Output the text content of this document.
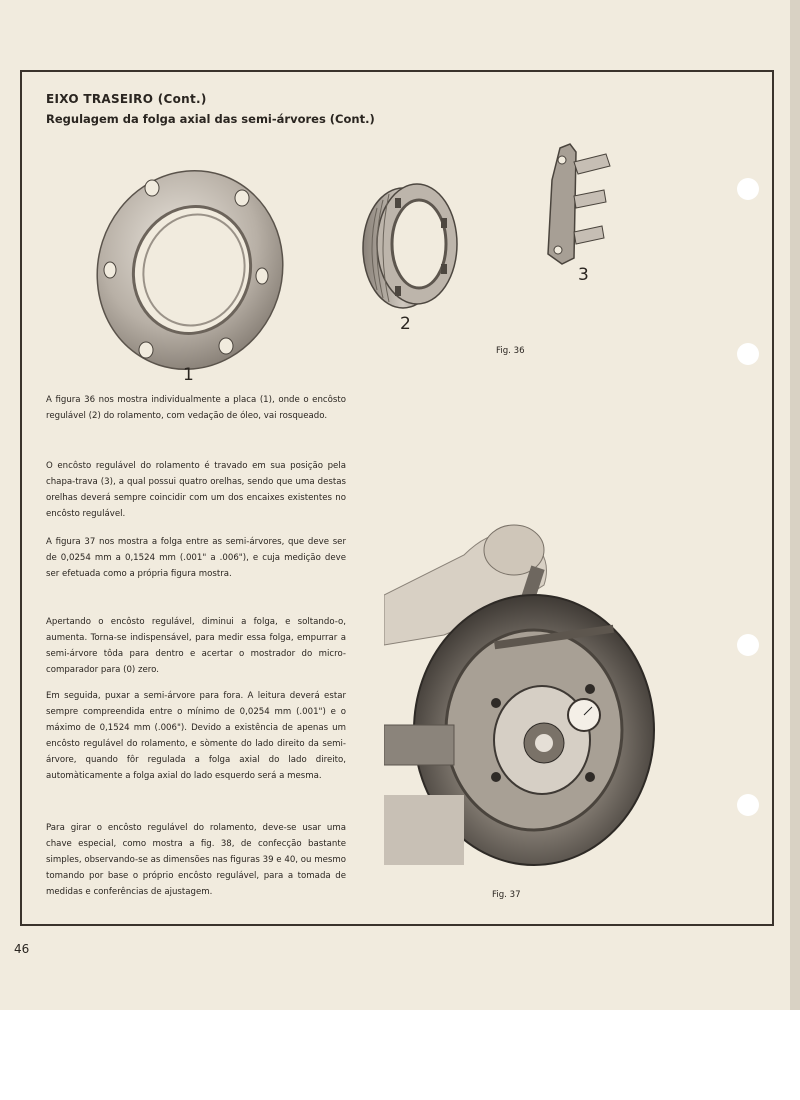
EIXO TRASEIRO (Cont.)
Regulagem da folga axial das semi-árvores (Cont.)
1
2
3

Fig. 36

Fig. 37

A figura 36 nos mostra individualmente a placa (1), onde o encôsto regulável (2) do rolamento, com vedação de óleo, vai rosqueado.

O encôsto regulável do rolamento é travado em sua posição pela chapa-trava (3), a qual possui quatro orelhas, sendo que uma destas orelhas deverá sempre coincidir com um dos encaixes existentes no encôsto regulável.

A figura 37 nos mostra a folga entre as semi-árvores, que deve ser de 0,0254 mm a 0,1524 mm (.001" a .006"), e cuja medição deve ser efetuada como a própria figura mostra.

Apertando o encôsto regulável, diminui a folga, e soltando-o, aumenta. Torna-se indispensável, para medir essa folga, empurrar a semi-árvore tôda para dentro e acertar o mostrador do micro-comparador para (0) zero.

Em seguida, puxar a semi-árvore para fora. A leitura deverá estar sempre compreendida entre o mínimo de 0,0254 mm (.001") e o máximo de 0,1524 mm (.006"). Devido a existência de apenas um encôsto regulável do rolamento, e sòmente do lado direito da semi-árvore, quando fôr regulada a folga axial do lado direito, automàticamente a folga axial do lado esquerdo será a mesma.

Para girar o encôsto regulável do rolamento, deve-se usar uma chave especial, como mostra a fig. 38, de confecção bastante simples, observando-se as dimensões nas figuras 39 e 40, ou mesmo tomando por base o próprio encôsto regulável, para a tomada de medidas e conferências de ajustagem.

46
